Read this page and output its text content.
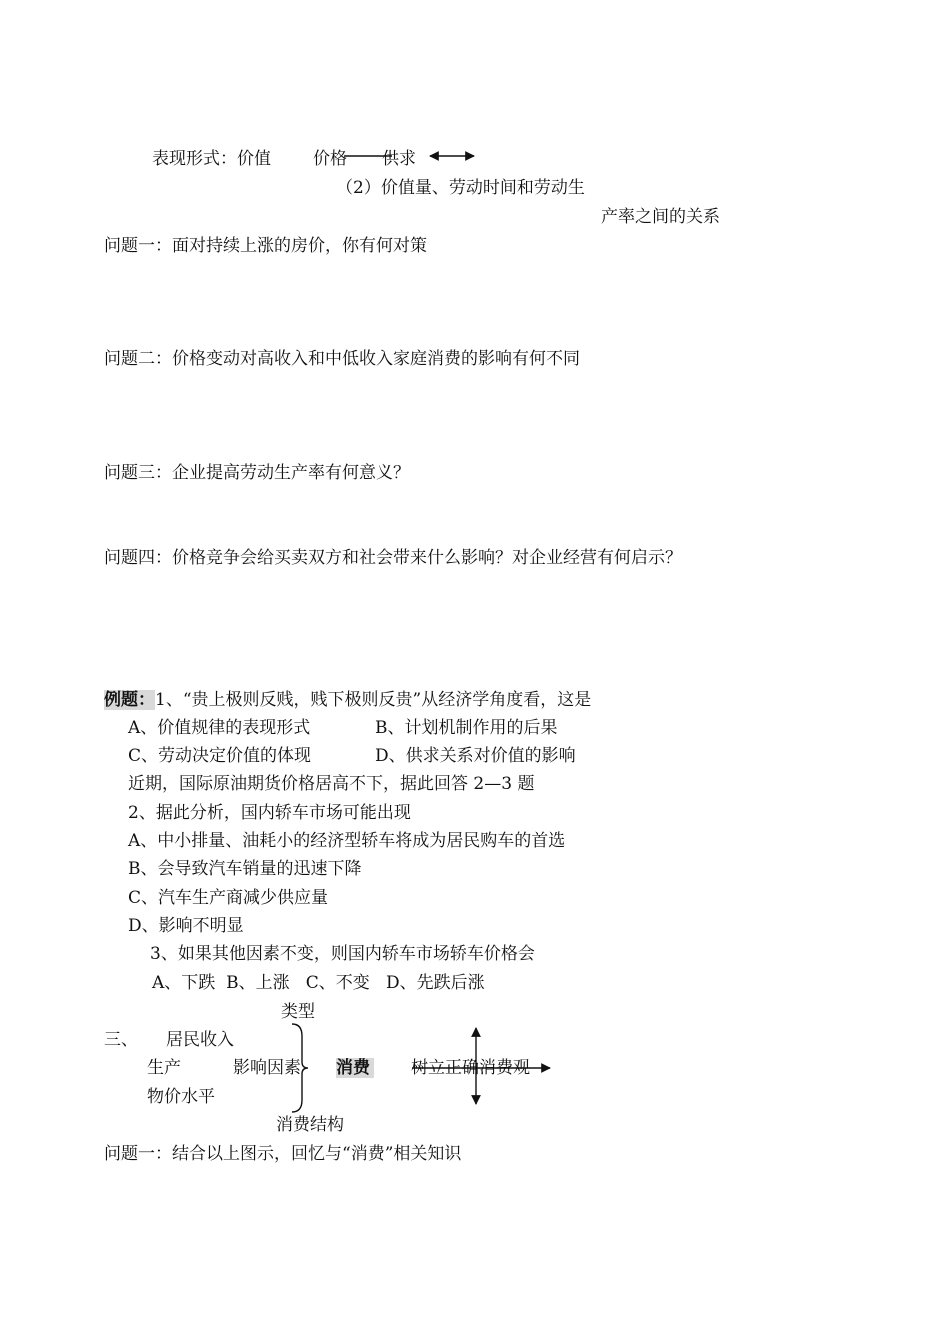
表现形式：价值 价格 供求
（2）价值量、劳动时间和劳动生
产率之间的关系
问题一：面对持续上涨的房价，你有何对策
问题二：价格变动对高收入和中低收入家庭消费的影响有何不同
问题三：企业提高劳动生产率有何意义？
问题四：价格竞争会给买卖双方和社会带来什么影响？对企业经营有何启示？
例题：1、“贵上极则反贱，贱下极则反贵”从经济学角度看，这是
A、价值规律的表现形式	B、计划机制作用的后果
C、劳动决定价值的体现	D、供求关系对价值的影响
近期，国际原油期货价格居高不下，据此回答 2—3 题
2、据此分析，国内轿车市场可能出现
A、中小排量、油耗小的经济型轿车将成为居民购车的首选
B、会导致汽车销量的迅速下降
C、汽车生产商减少供应量
D、影响不明显
3、如果其他因素不变，则国内轿车市场轿车价格会
A、下跌  B、上涨   C、不变   D、先跌后涨
类型
三、 居民收入
生产	影响因素 消费 树立正确消费观
物价水平
消费结构
问题一：结合以上图示，回忆与“消费”相关知识
